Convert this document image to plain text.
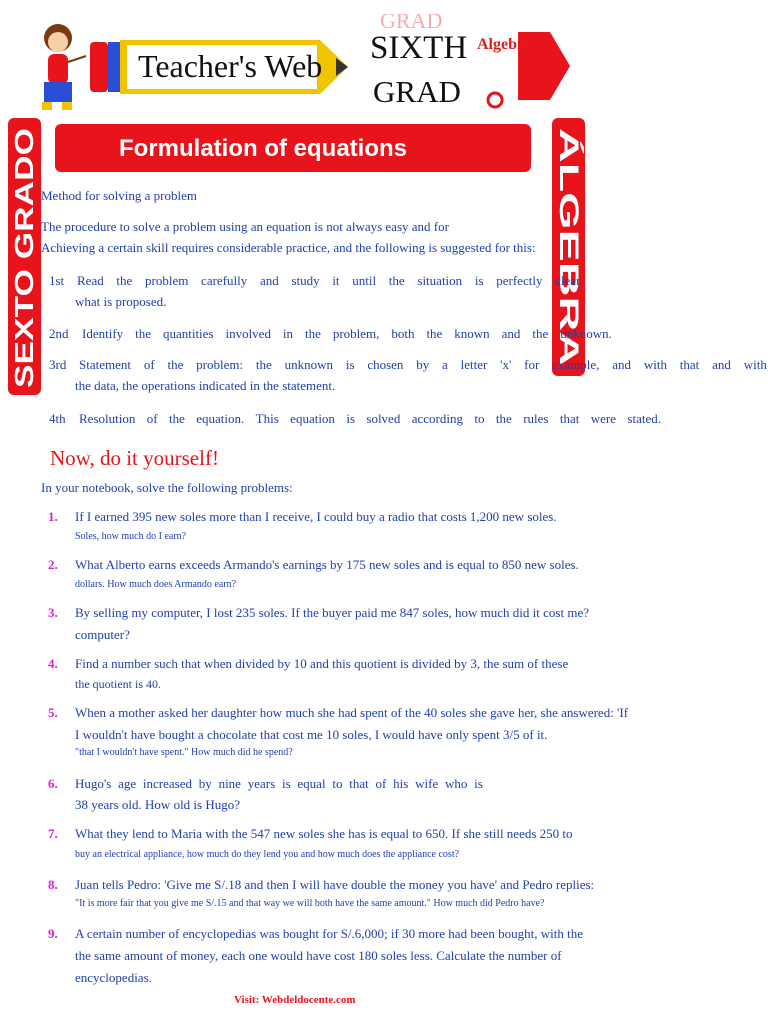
Teacher's Web
GRAD
SIXTH
GRAD
Algebra
SEXTO GRADO
ÁLGEBRA
Formulation of equations
Method for solving a problem
The procedure to solve a problem using an equation is not always easy and for
Achieving a certain skill requires considerable practice, and the following is suggested for this:
1st Read the problem carefully and study it until the situation is perfectly clear.
what is proposed.
2nd Identify the quantities involved in the problem, both the known and the unknown.
3rd Statement of the problem: the unknown is chosen by a letter 'x' for example, and with that and with
the data, the operations indicated in the statement.
4th Resolution of the equation. This equation is solved according to the rules that were stated.
Now, do it yourself!
In your notebook, solve the following problems:
1. If I earned 395 new soles more than I receive, I could buy a radio that costs 1,200 new soles.
Soles, how much do I earn?
2. What Alberto earns exceeds Armando's earnings by 175 new soles and is equal to 850 new soles.
dollars. How much does Armando earn?
3. By selling my computer, I lost 235 soles. If the buyer paid me 847 soles, how much did it cost me?
computer?
4. Find a number such that when divided by 10 and this quotient is divided by 3, the sum of these
the quotient is 40.
5. When a mother asked her daughter how much she had spent of the 40 soles she gave her, she answered: 'If
I wouldn't have bought a chocolate that cost me 10 soles, I would have only spent 3/5 of it.
"that I wouldn't have spent." How much did he spend?
6. Hugo's age increased by nine years is equal to that of his wife who is
38 years old. How old is Hugo?
7. What they lend to Maria with the 547 new soles she has is equal to 650. If she still needs 250 to
buy an electrical appliance, how much do they lend you and how much does the appliance cost?
8. Juan tells Pedro: 'Give me S/.18 and then I will have double the money you have' and Pedro replies:
"It is more fair that you give me S/.15 and that way we will both have the same amount." How much did Pedro have?
9. A certain number of encyclopedias was bought for S/.6,000; if 30 more had been bought, with the
the same amount of money, each one would have cost 180 soles less. Calculate the number of
encyclopedias.
Visit: Webdeldocente.com
